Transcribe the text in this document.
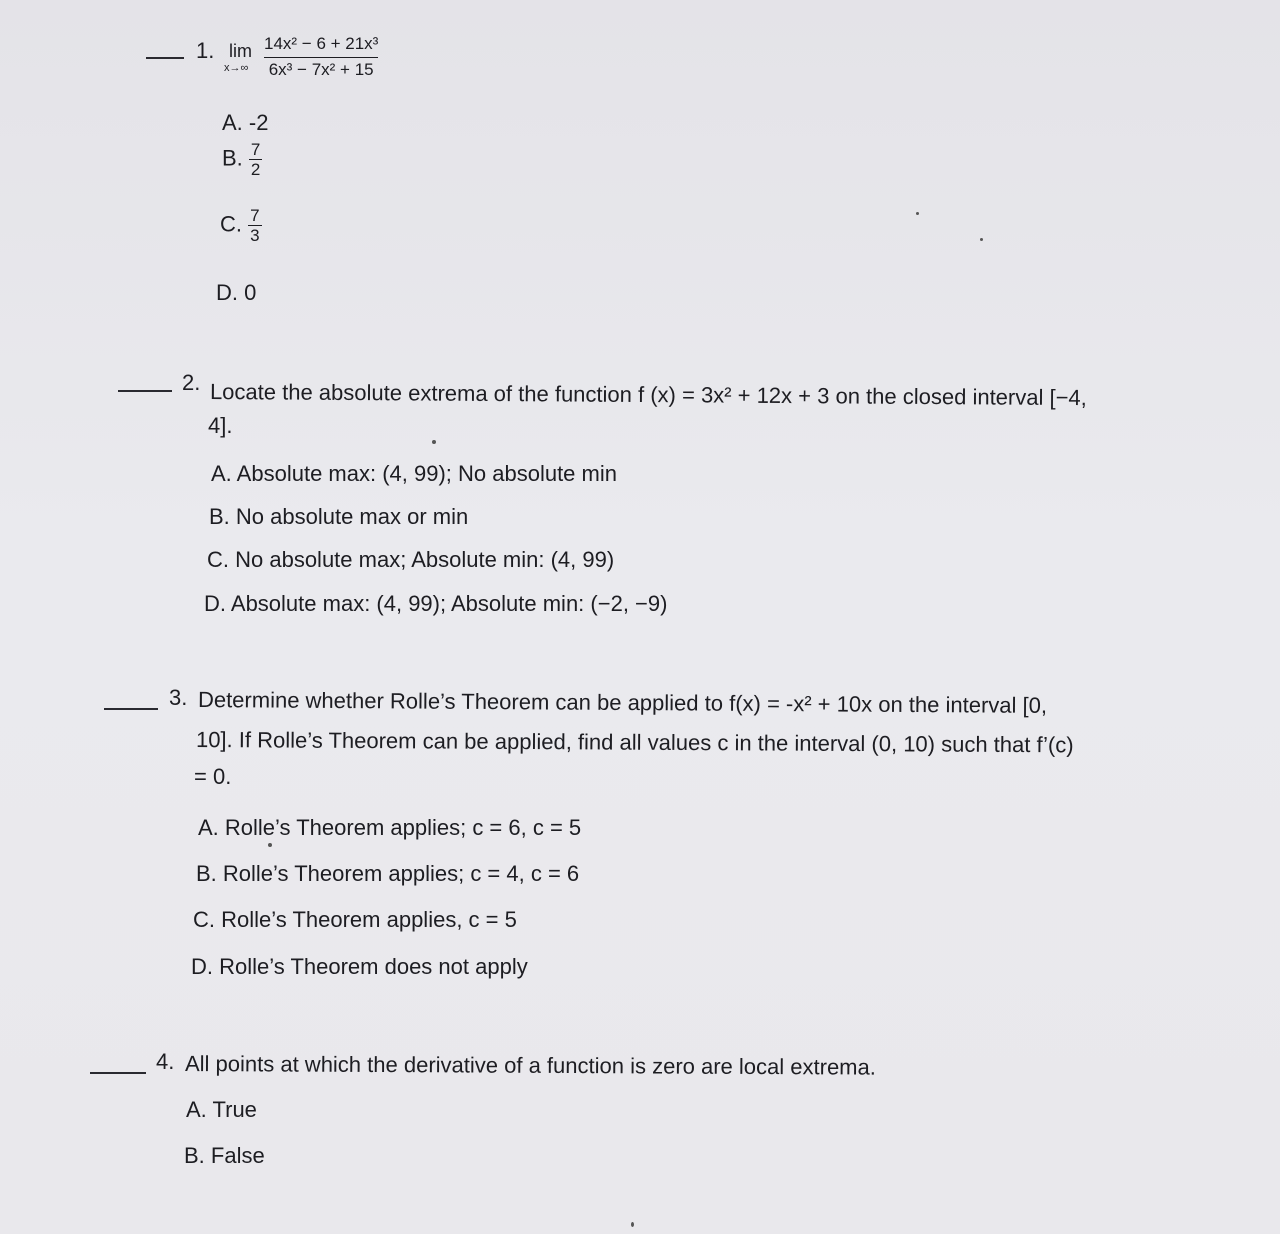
1. lim
x→∞
14x² − 6 + 21x³
6x³ − 7x² + 15
A. -2
B. $\frac{7}{2}$
C. $\frac{7}{3}$
D. 0
2. Locate the absolute extrema of the function f (x) = 3x² + 12x + 3 on the closed interval [−4,
4].
A. Absolute max: (4, 99); No absolute min
B. No absolute max or min
C. No absolute max; Absolute min: (4, 99)
D. Absolute max: (4, 99); Absolute min: (−2, −9)
3. Determine whether Rolle’s Theorem can be applied to f(x) = -x² + 10x on the interval [0,
10]. If Rolle’s Theorem can be applied, find all values c in the interval (0, 10) such that f’(c)
= 0.
A. Rolle’s Theorem applies; c = 6, c = 5
B. Rolle’s Theorem applies; c = 4, c = 6
C. Rolle’s Theorem applies, c = 5
D. Rolle’s Theorem does not apply
4. All points at which the derivative of a function is zero are local extrema.
A. True
B. False
